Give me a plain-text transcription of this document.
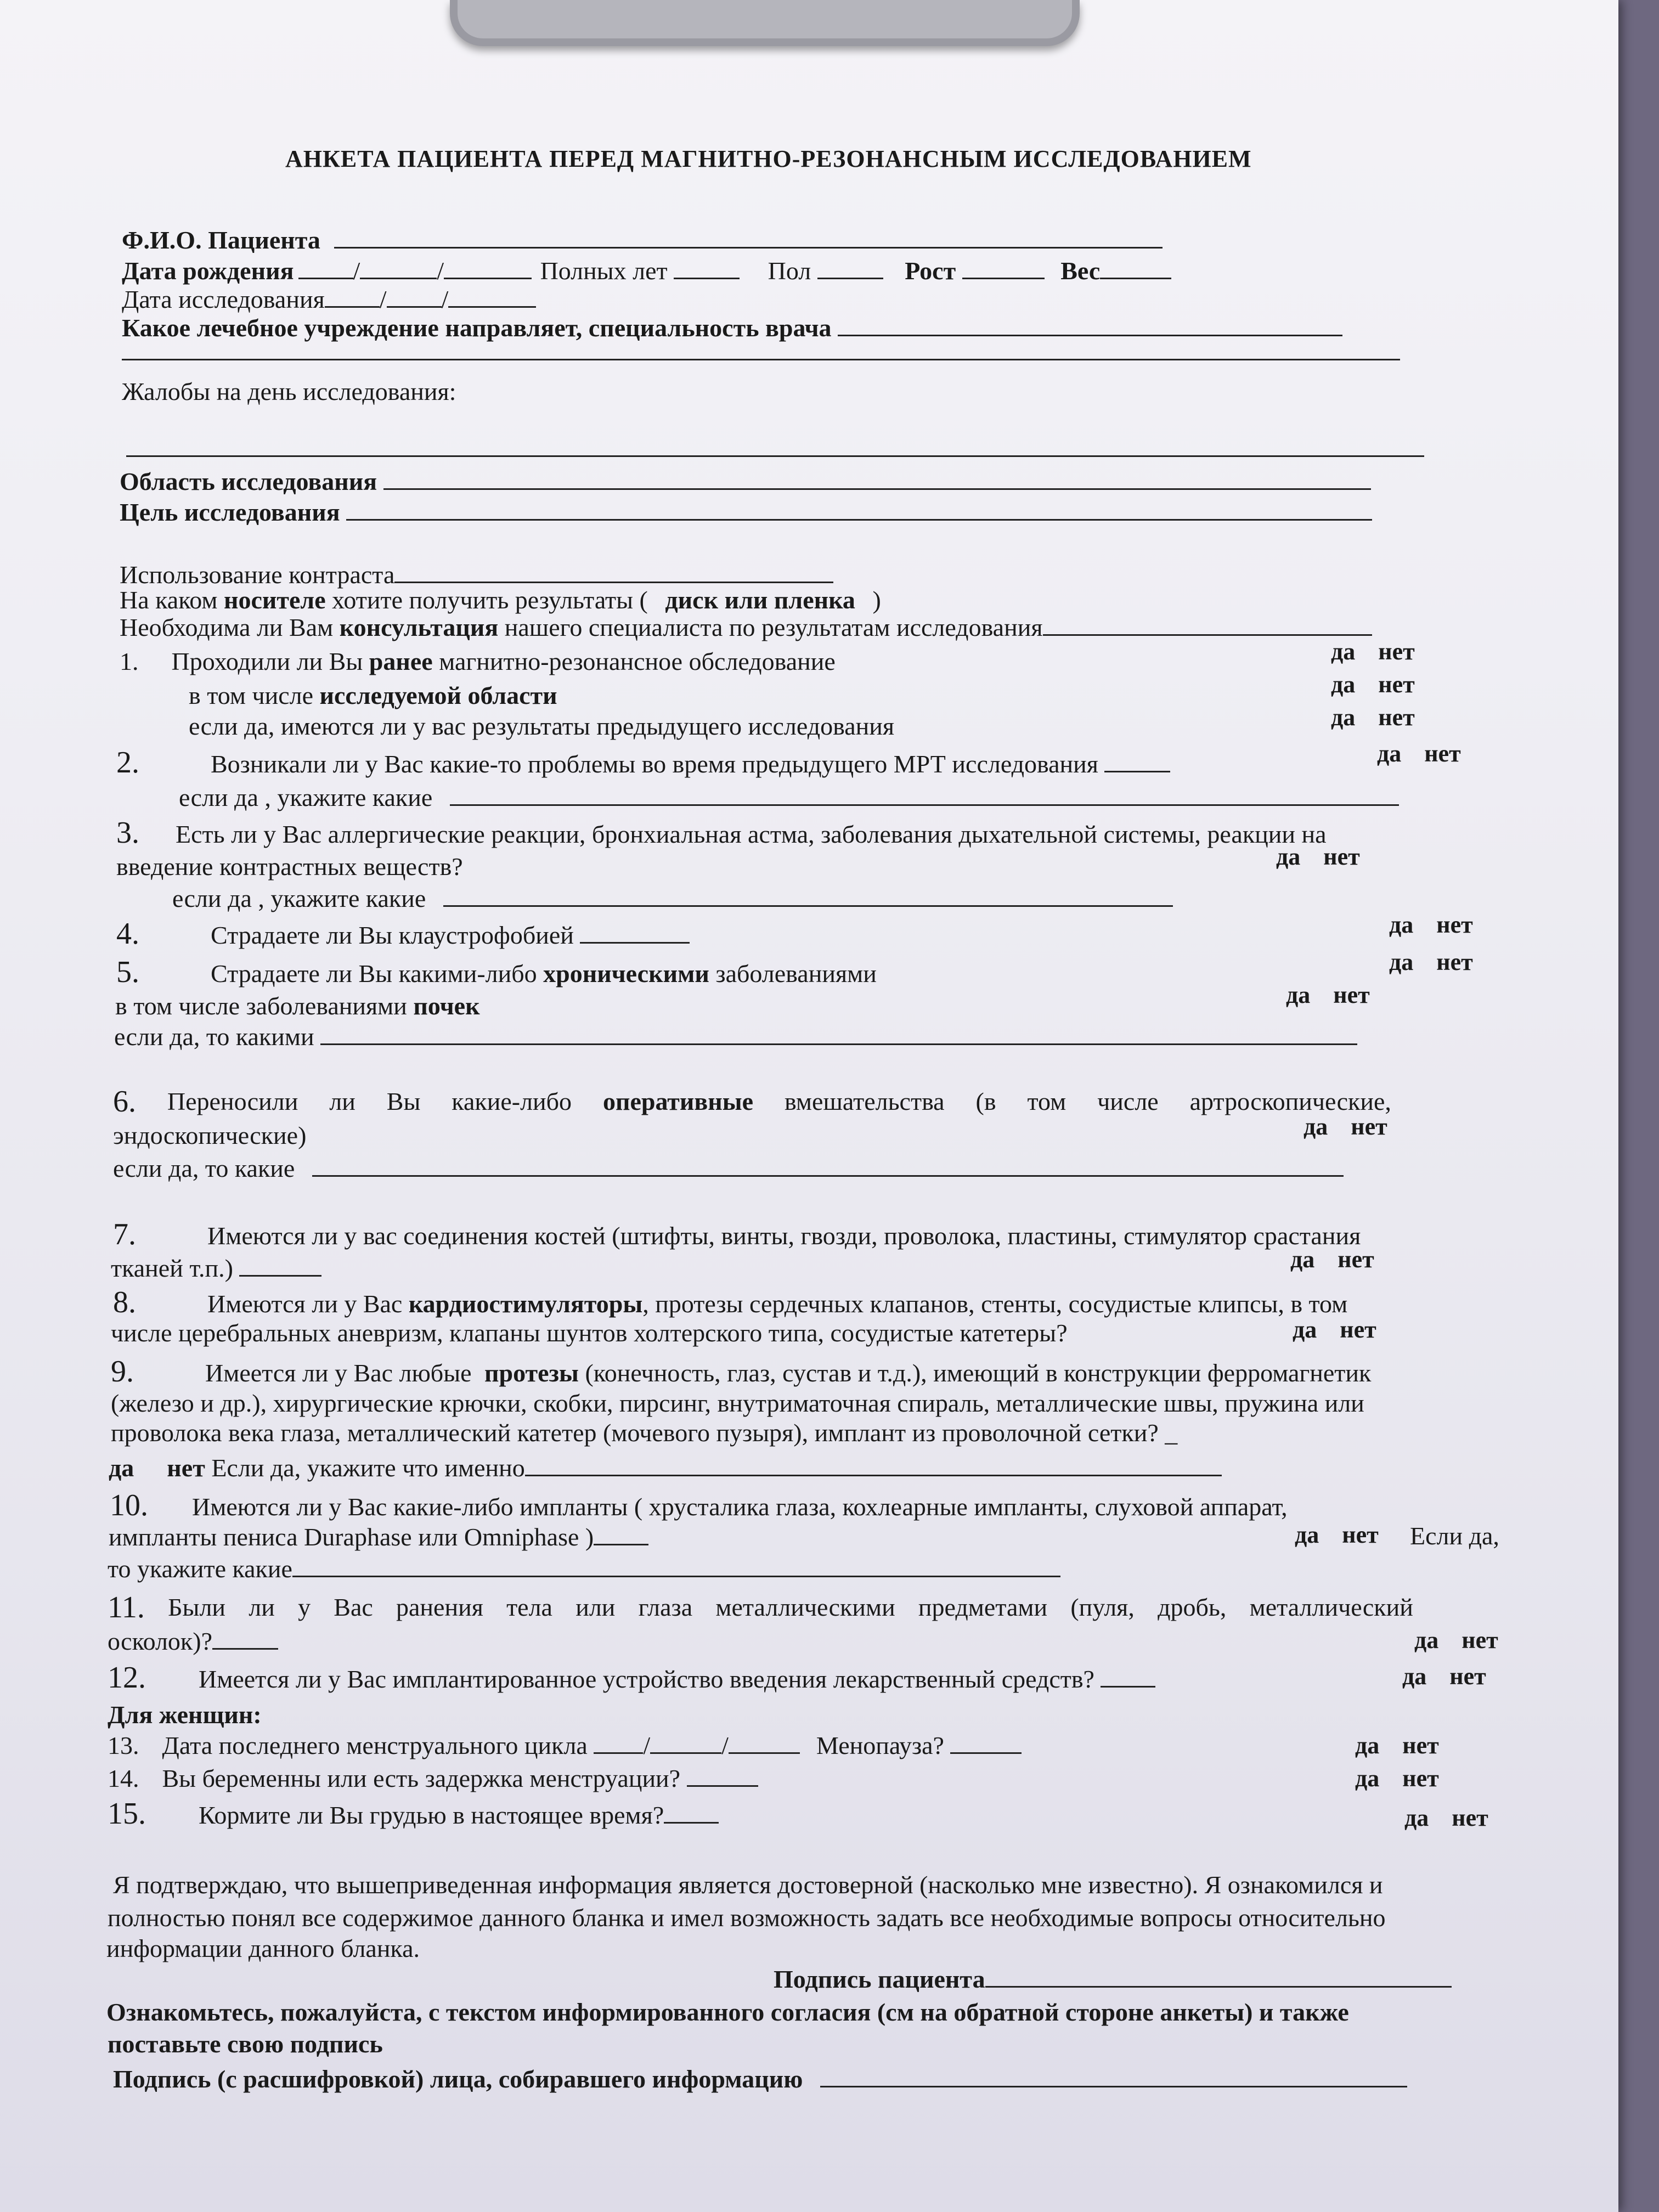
АНКЕТА ПАЦИЕНТА ПЕРЕД МАГНИТНО-РЕЗОНАНСНЫМ ИССЛЕДОВАНИЕМ
Ф.И.О. Пациента
Дата рождения /	/	Полных лет	Пол	Рост	Вес
Дата исследования / /
Какое лечебное учреждение направляет, специальность врача
Жалобы на день исследования:
Область исследования
Цель исследования
Использование контраста
На каком носителе хотите получить результаты ( диск или пленка )
Необходима ли Вам консультация нашего специалиста по результатам исследования
1. Проходили ли Вы ранее магнитно-резонансное обследование	да нет
в том числе исследуемой области	да нет
если да, имеются ли у вас результаты предыдущего исследования	да нет
2.	Возникали ли у Вас какие-то проблемы во время предыдущего МРТ исследования	да нет
если да , укажите какие
3. Есть ли у Вас аллергические реакции, бронхиальная астма, заболевания дыхательной системы, реакции на
введение контрастных веществ?	да нет
если да , укажите какие
4.	Страдаете ли Вы клаустрофобией	да нет
5.	Страдаете ли Вы какими-либо хроническими заболеваниями	да нет
в том числе заболеваниями почек	да нет
если да, то какими
6. Переносили ли Вы какие-либо оперативные вмешательства (в том числе артроскопические,
эндоскопические)	да нет
если да, то какие
7.	Имеются ли у вас соединения костей (штифты, винты, гвозди, проволока, пластины, стимулятор срастания
тканей т.п.)	да нет
8.	Имеются ли у Вас кардиостимуляторы, протезы сердечных клапанов, стенты, сосудистые клипсы, в том
числе церебральных аневризм, клапаны шунтов холтерского типа, сосудистые катетеры?	да нет
9.	Имеется ли у Вас любые протезы (конечность, глаз, сустав и т.д.), имеющий в конструкции ферромагнетик
(железо и др.), хирургические крючки, скобки, пирсинг, внутриматочная спираль, металлические швы, пружина или
проволока века глаза, металлический катетер (мочевого пузыря), имплант из проволочной сетки? _
да нет Если да, укажите что именно
10. Имеются ли у Вас какие-либо импланты ( хрусталика глаза, кохлеарные импланты, слуховой аппарат,
импланты пениса Duraphase или Omniphase )	да нет Если да,
то укажите какие
11. Были ли у Вас ранения тела или глаза металлическими предметами (пуля, дробь, металлический
осколок)?	да нет
12. Имеется ли у Вас имплантированное устройство введения лекарственный средств?	да нет
Для женщин:
13. Дата последнего менструального цикла /	/	Менопауза?	да нет
14. Вы беременны или есть задержка менструации?	да нет
15. Кормите ли Вы грудью в настоящее время?	да нет
Я подтверждаю, что вышеприведенная информация является достоверной (насколько мне известно). Я ознакомился и
полностью понял все содержимое данного бланка и имел возможность задать все необходимые вопросы относительно
информации данного бланка.
Подпись пациента
Ознакомьтесь, пожалуйста, с текстом информированного согласия (см на обратной стороне анкеты) и также
поставьте свою подпись
Подпись (с расшифровкой) лица, собиравшего информацию
